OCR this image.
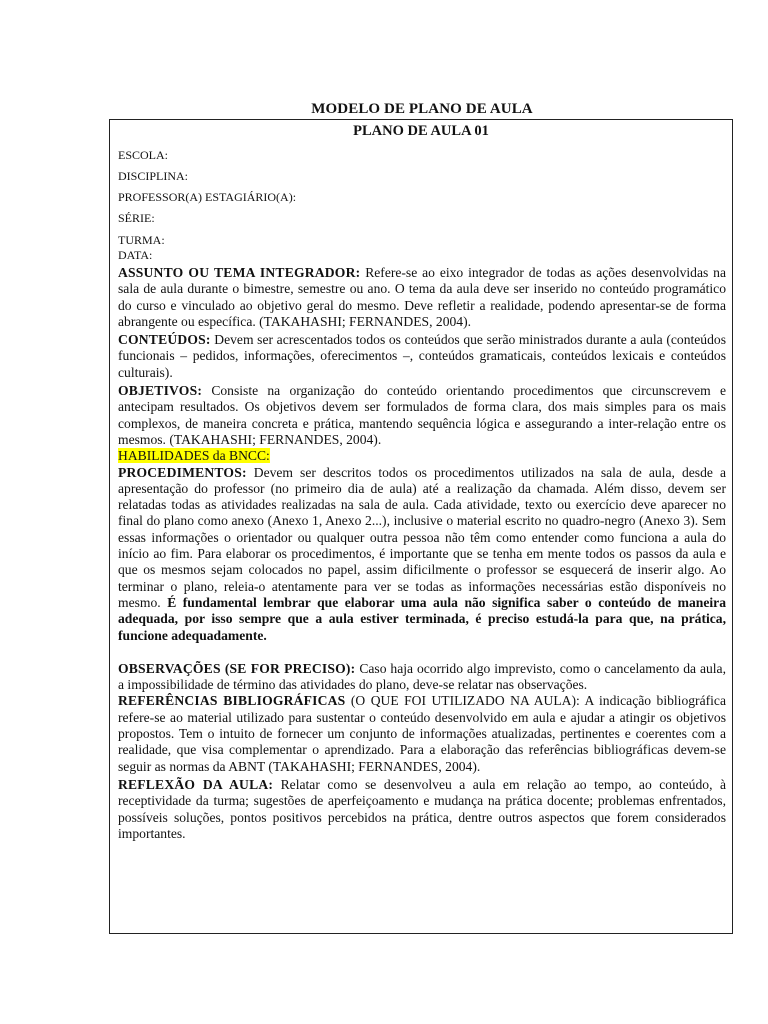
MODELO DE PLANO DE AULA
PLANO DE AULA 01
ESCOLA:
DISCIPLINA:
PROFESSOR(A) ESTAGIÁRIO(A):
SÉRIE:
TURMA:
DATA:

ASSUNTO OU TEMA INTEGRADOR: Refere-se ao eixo integrador de todas as ações desenvolvidas na sala de aula durante o bimestre, semestre ou ano. O tema da aula deve ser inserido no conteúdo programático do curso e vinculado ao objetivo geral do mesmo. Deve refletir a realidade, podendo apresentar-se de forma abrangente ou específica. (TAKAHASHI; FERNANDES, 2004).

CONTEÚDOS: Devem ser acrescentados todos os conteúdos que serão ministrados durante a aula (conteúdos funcionais – pedidos, informações, oferecimentos –, conteúdos gramaticais, conteúdos lexicais e conteúdos culturais).

OBJETIVOS: Consiste na organização do conteúdo orientando procedimentos que circunscrevem e antecipam resultados. Os objetivos devem ser formulados de forma clara, dos mais simples para os mais complexos, de maneira concreta e prática, mantendo sequência lógica e assegurando a inter-relação entre os mesmos. (TAKAHASHI; FERNANDES, 2004).

HABILIDADES da BNCC:

PROCEDIMENTOS: Devem ser descritos todos os procedimentos utilizados na sala de aula, desde a apresentação do professor (no primeiro dia de aula) até a realização da chamada. Além disso, devem ser relatadas todas as atividades realizadas na sala de aula. Cada atividade, texto ou exercício deve aparecer no final do plano como anexo (Anexo 1, Anexo 2...), inclusive o material escrito no quadro-negro (Anexo 3). Sem essas informações o orientador ou qualquer outra pessoa não têm como entender como funciona a aula do início ao fim. Para elaborar os procedimentos, é importante que se tenha em mente todos os passos da aula e que os mesmos sejam colocados no papel, assim dificilmente o professor se esquecerá de inserir algo. Ao terminar o plano, releia-o atentamente para ver se todas as informações necessárias estão disponíveis no mesmo. É fundamental lembrar que elaborar uma aula não significa saber o conteúdo de maneira adequada, por isso sempre que a aula estiver terminada, é preciso estudá-la para que, na prática, funcione adequadamente.

OBSERVAÇÕES (SE FOR PRECISO): Caso haja ocorrido algo imprevisto, como o cancelamento da aula, a impossibilidade de término das atividades do plano, deve-se relatar nas observações.

REFERÊNCIAS BIBLIOGRÁFICAS (O QUE FOI UTILIZADO NA AULA): A indicação bibliográfica refere-se ao material utilizado para sustentar o conteúdo desenvolvido em aula e ajudar a atingir os objetivos propostos. Tem o intuito de fornecer um conjunto de informações atualizadas, pertinentes e coerentes com a realidade, que visa complementar o aprendizado. Para a elaboração das referências bibliográficas devem-se seguir as normas da ABNT (TAKAHASHI; FERNANDES, 2004).

REFLEXÃO DA AULA: Relatar como se desenvolveu a aula em relação ao tempo, ao conteúdo, à receptividade da turma; sugestões de aperfeiçoamento e mudança na prática docente; problemas enfrentados, possíveis soluções, pontos positivos percebidos na prática, dentre outros aspectos que forem considerados importantes.
